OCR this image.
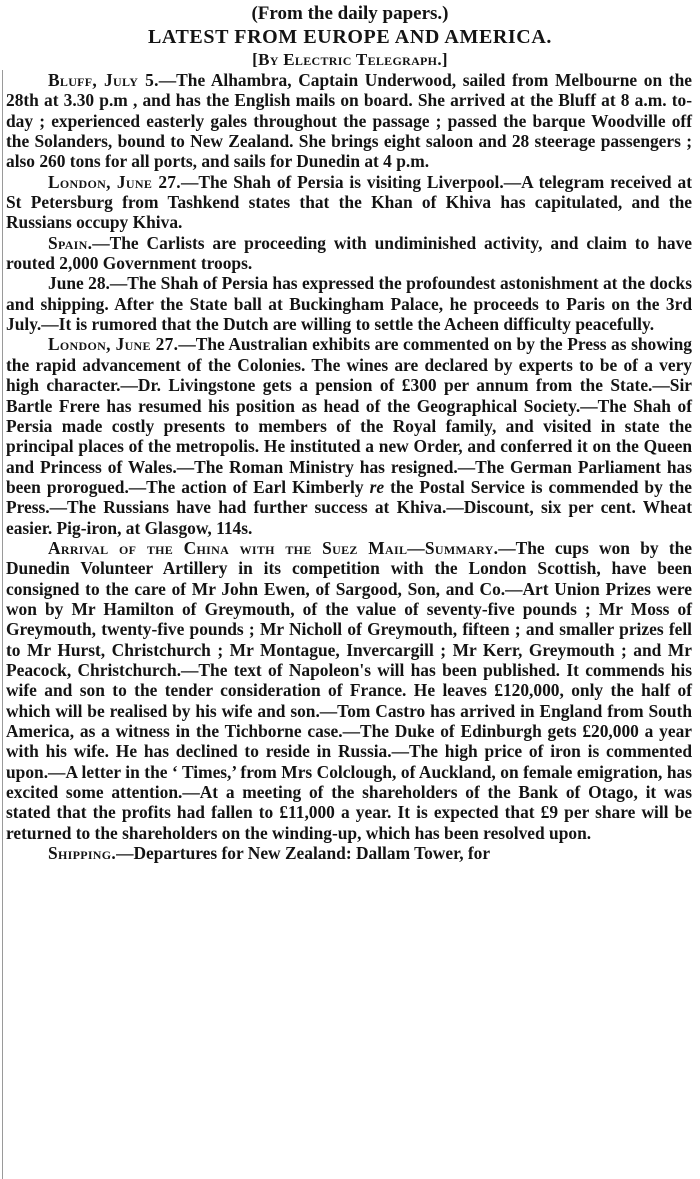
(From the daily papers.)

LATEST FROM EUROPE AND AMERICA.

[By Electric Telegraph.]

Bluff, July 5.—The Alhambra, Captain Underwood, sailed from Melbourne on the 28th at 3.30 p.m , and has the English mails on board. She arrived at the Bluff at 8 a.m. to-day ; experienced easterly gales throughout the passage ; passed the barque Woodville off the Solanders, bound to New Zealand. She brings eight saloon and 28 steerage passengers ; also 260 tons for all ports, and sails for Dunedin at 4 p.m.

London, June 27.—The Shah of Persia is visiting Liverpool.—A telegram received at St Petersburg from Tashkend states that the Khan of Khiva has capitulated, and the Russians occupy Khiva.

Spain.—The Carlists are proceeding with undiminished activity, and claim to have routed 2,000 Government troops.

June 28.—The Shah of Persia has expressed the profoundest astonishment at the docks and shipping. After the State ball at Buckingham Palace, he proceeds to Paris on the 3rd July.—It is rumored that the Dutch are willing to settle the Acheen difficulty peacefully.

London, June 27.—The Australian exhibits are commented on by the Press as showing the rapid advancement of the Colonies. The wines are declared by experts to be of a very high character.—Dr. Livingstone gets a pension of £300 per annum from the State.—Sir Bartle Frere has resumed his position as head of the Geographical Society.—The Shah of Persia made costly presents to members of the Royal family, and visited in state the principal places of the metropolis. He instituted a new Order, and conferred it on the Queen and Princess of Wales.—The Roman Ministry has resigned.—The German Parliament has been prorogued.—The action of Earl Kimberly re the Postal Service is commended by the Press.—The Russians have had further success at Khiva.—Discount, six per cent. Wheat easier. Pig-iron, at Glasgow, 114s.

Arrival of the China with the Suez Mail—Summary.—The cups won by the Dunedin Volunteer Artillery in its competition with the London Scottish, have been consigned to the care of Mr John Ewen, of Sargood, Son, and Co.—Art Union Prizes were won by Mr Hamilton of Greymouth, of the value of seventy-five pounds ; Mr Moss of Greymouth, twenty-five pounds ; Mr Nicholl of Greymouth, fifteen ; and smaller prizes fell to Mr Hurst, Christchurch ; Mr Montague, Invercargill ; Mr Kerr, Greymouth ; and Mr Peacock, Christchurch.—The text of Napoleon's will has been published. It commends his wife and son to the tender consideration of France. He leaves £120,000, only the half of which will be realised by his wife and son.—Tom Castro has arrived in England from South America, as a witness in the Tichborne case.—The Duke of Edinburgh gets £20,000 a year with his wife. He has declined to reside in Russia.—The high price of iron is commented upon.—A letter in the ‘ Times,’ from Mrs Colclough, of Auckland, on female emigration, has excited some attention.—At a meeting of the shareholders of the Bank of Otago, it was stated that the profits had fallen to £11,000 a year. It is expected that £9 per share will be returned to the shareholders on the winding-up, which has been resolved upon.

Shipping.—Departures for New Zealand: Dallam Tower, for
